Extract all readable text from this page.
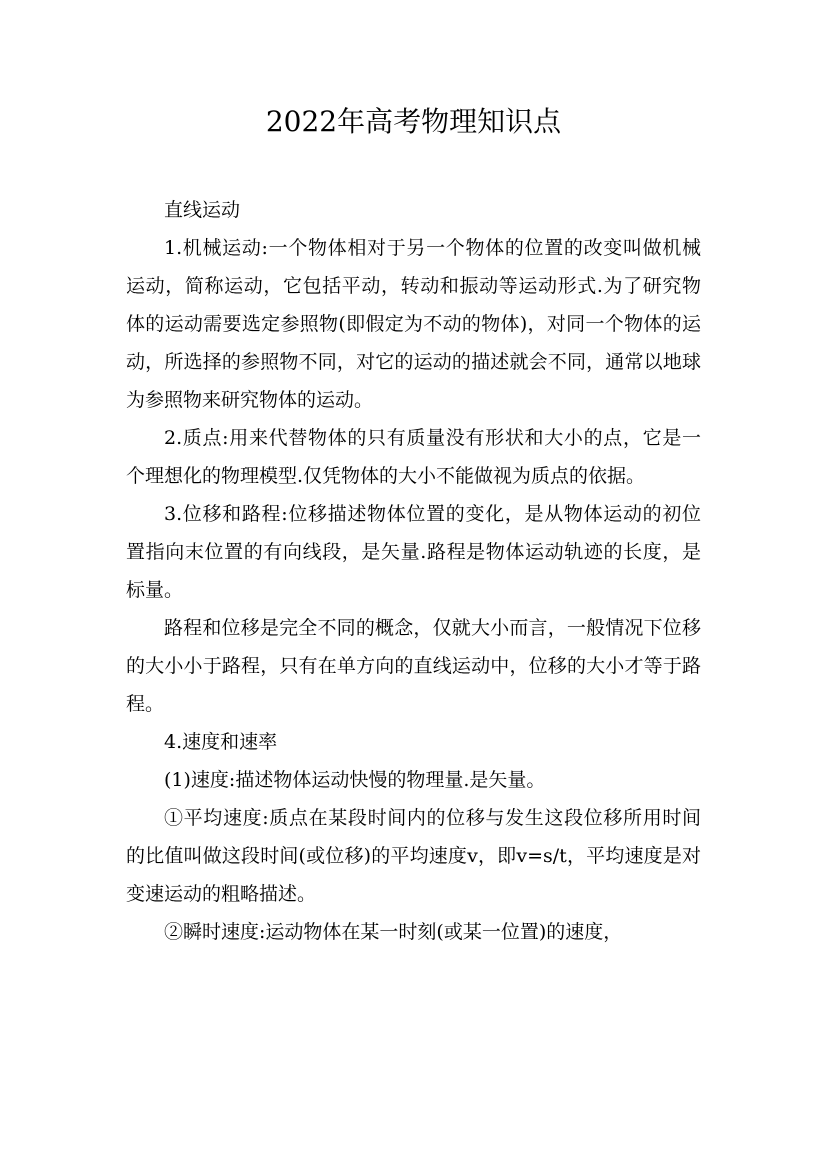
2022年高考物理知识点

直线运动

1.机械运动:一个物体相对于另一个物体的位置的改变叫做机械运动，简称运动，它包括平动，转动和振动等运动形式.为了研究物体的运动需要选定参照物(即假定为不动的物体)，对同一个物体的运动，所选择的参照物不同，对它的运动的描述就会不同，通常以地球为参照物来研究物体的运动。

2.质点:用来代替物体的只有质量没有形状和大小的点，它是一个理想化的物理模型.仅凭物体的大小不能做视为质点的依据。

3.位移和路程:位移描述物体位置的变化，是从物体运动的初位置指向末位置的有向线段，是矢量.路程是物体运动轨迹的长度，是标量。

路程和位移是完全不同的概念，仅就大小而言，一般情况下位移的大小小于路程，只有在单方向的直线运动中，位移的大小才等于路程。

4.速度和速率

(1)速度:描述物体运动快慢的物理量.是矢量。

①平均速度:质点在某段时间内的位移与发生这段位移所用时间的比值叫做这段时间(或位移)的平均速度v，即v=s/t，平均速度是对变速运动的粗略描述。

②瞬时速度:运动物体在某一时刻(或某一位置)的速度，
